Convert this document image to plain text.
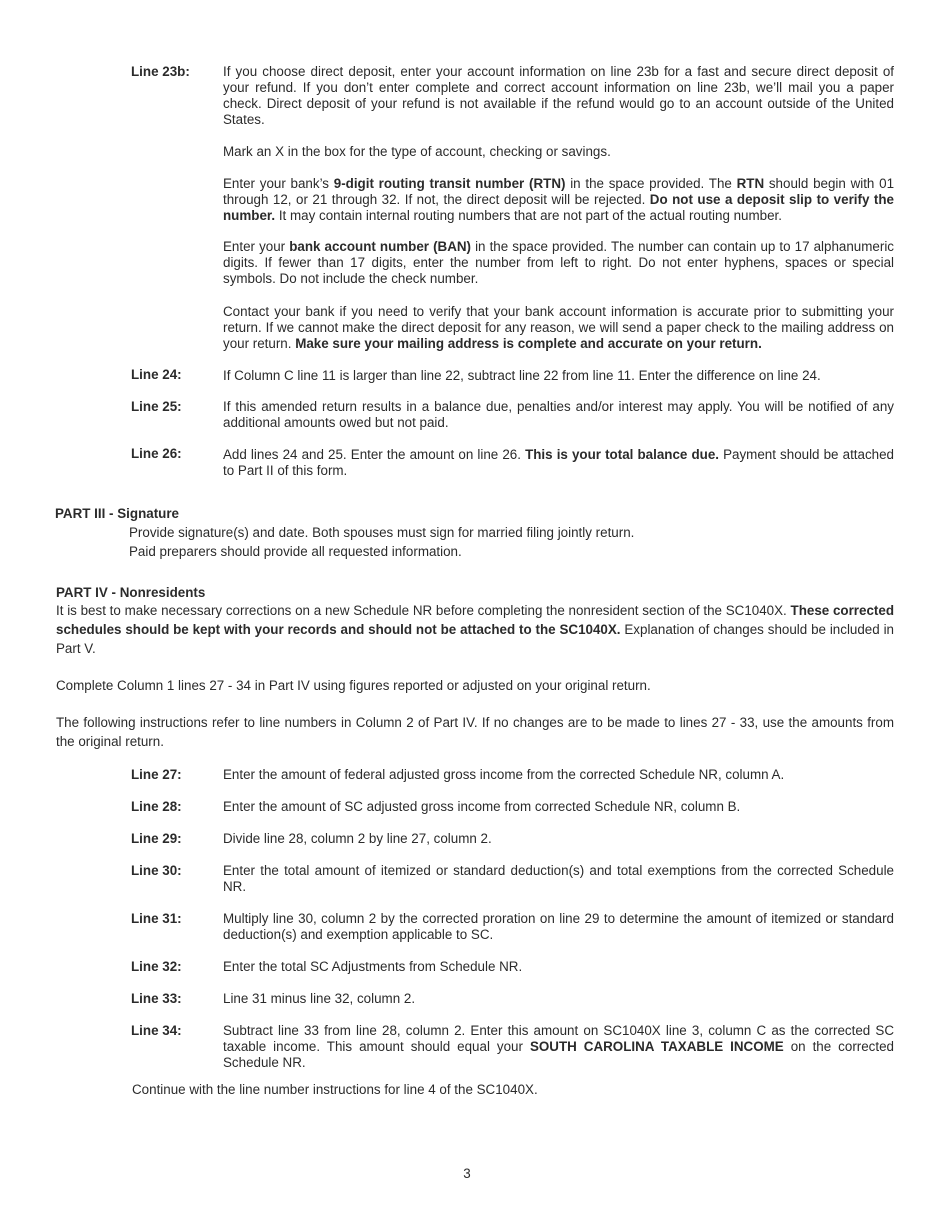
Line 23b: If you choose direct deposit, enter your account information on line 23b for a fast and secure direct deposit of your refund. If you don’t enter complete and correct account information on line 23b, we’ll mail you a paper check. Direct deposit of your refund is not available if the refund would go to an account outside of the United States.
Mark an X in the box for the type of account, checking or savings.
Enter your bank’s 9-digit routing transit number (RTN) in the space provided. The RTN should begin with 01 through 12, or 21 through 32. If not, the direct deposit will be rejected. Do not use a deposit slip to verify the number. It may contain internal routing numbers that are not part of the actual routing number.
Enter your bank account number (BAN) in the space provided. The number can contain up to 17 alphanumeric digits. If fewer than 17 digits, enter the number from left to right. Do not enter hyphens, spaces or special symbols. Do not include the check number.
Contact your bank if you need to verify that your bank account information is accurate prior to submitting your return. If we cannot make the direct deposit for any reason, we will send a paper check to the mailing address on your return. Make sure your mailing address is complete and accurate on your return.
Line 24:	If Column C line 11 is larger than line 22, subtract line 22 from line 11. Enter the difference on line 24.
Line 25:	If this amended return results in a balance due, penalties and/or interest may apply. You will be notified of any additional amounts owed but not paid.
Line 26:	Add lines 24 and 25. Enter the amount on line 26. This is your total balance due. Payment should be attached to Part II of this form.
PART III - Signature
Provide signature(s) and date. Both spouses must sign for married filing jointly return.
Paid preparers should provide all requested information.
PART IV - Nonresidents
It is best to make necessary corrections on a new Schedule NR before completing the nonresident section of the SC1040X. These corrected schedules should be kept with your records and should not be attached to the SC1040X. Explanation of changes should be included in Part V.
Complete Column 1 lines 27 - 34 in Part IV using figures reported or adjusted on your original return.
The following instructions refer to line numbers in Column 2 of Part IV. If no changes are to be made to lines 27 - 33, use the amounts from the original return.
Line 27:	Enter the amount of federal adjusted gross income from the corrected Schedule NR, column A.
Line 28:	Enter the amount of SC adjusted gross income from corrected Schedule NR, column B.
Line 29:	Divide line 28, column 2 by line 27, column 2.
Line 30:	Enter the total amount of itemized or standard deduction(s) and total exemptions from the corrected Schedule NR.
Line 31:	Multiply line 30, column 2 by the corrected proration on line 29 to determine the amount of itemized or standard deduction(s) and exemption applicable to SC.
Line 32:	Enter the total SC Adjustments from Schedule NR.
Line 33:	Line 31 minus line 32, column 2.
Line 34:	Subtract line 33 from line 28, column 2. Enter this amount on SC1040X line 3, column C as the corrected SC taxable income. This amount should equal your SOUTH CAROLINA TAXABLE INCOME on the corrected Schedule NR.
Continue with the line number instructions for line 4 of the SC1040X.
3
